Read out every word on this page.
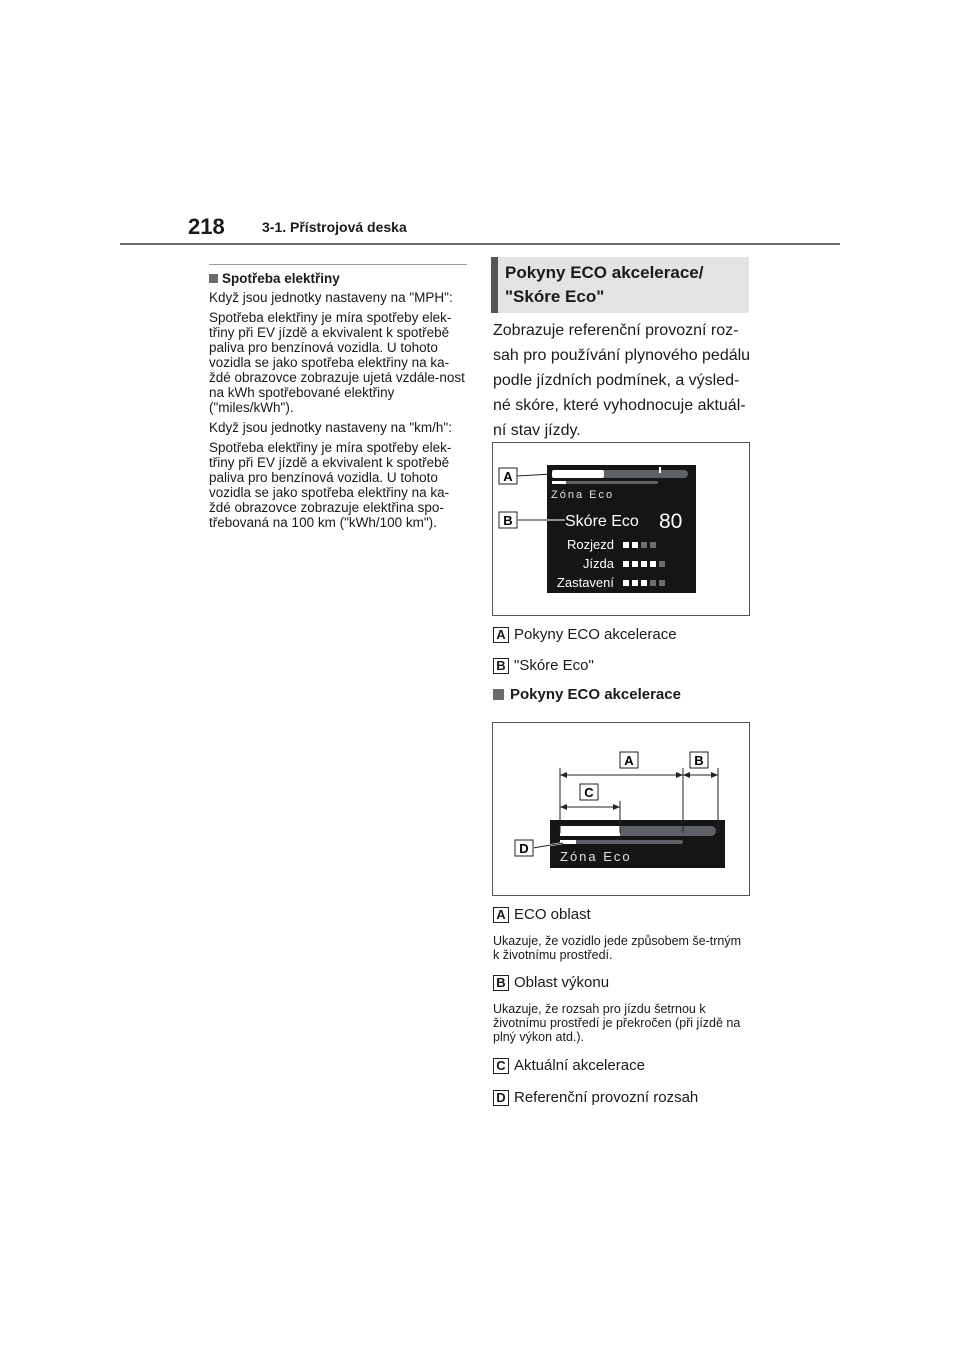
218	3-1. Přístrojová deska
Spotřeba elektřiny

Když jsou jednotky nastaveny na "MPH":

Spotřeba elektřiny je míra spotřeby elek-třiny při EV jízdě a ekvivalent k spotřebě paliva pro benzínová vozidla. U tohoto vozidla se jako spotřeba elektřiny na ka-ždé obrazovce zobrazuje ujetá vzdále-nost na kWh spotřebované elektřiny ("miles/kWh").

Když jsou jednotky nastaveny na "km/h":

Spotřeba elektřiny je míra spotřeby elek-třiny při EV jízdě a ekvivalent k spotřebě paliva pro benzínová vozidla. U tohoto vozidla se jako spotřeba elektřiny na ka-ždé obrazovce zobrazuje elektřina spo-třebovaná na 100 km ("kWh/100 km").

Pokyny ECO akcelerace/ "Skóre Eco"
Zobrazuje referenční provozní roz-sah pro používání plynového pedálu podle jízdních podmínek, a výsled-né skóre, které vyhodnocuje aktuál-ní stav jízdy.
Zóna Eco
Skóre Eco 80
Rozjezd
Jízda
Zastavení
A
B
A Pokyny ECO akcelerace
B "Skóre Eco"
Pokyny ECO akcelerace
Zóna Eco
A	B
C
D
A ECO oblast
Ukazuje, že vozidlo jede způsobem še-trným k životnímu prostředí.
B Oblast výkonu
Ukazuje, že rozsah pro jízdu šetrnou k životnímu prostředí je překročen (při jízdě na plný výkon atd.).
C Aktuální akcelerace
D Referenční provozní rozsah
